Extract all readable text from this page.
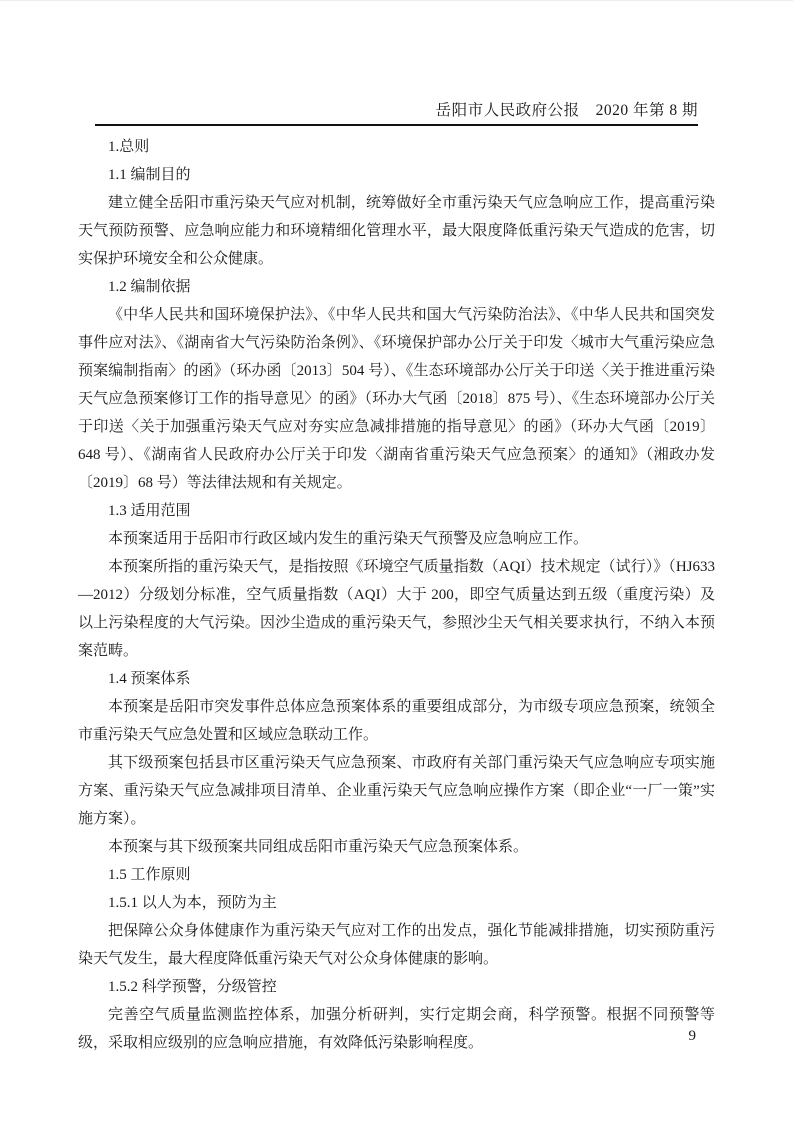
岳阳市人民政府公报　2020 年第 8 期

1.总则

1.1 编制目的

建立健全岳阳市重污染天气应对机制，统筹做好全市重污染天气应急响应工作，提高重污染天气预防预警、应急响应能力和环境精细化管理水平，最大限度降低重污染天气造成的危害，切实保护环境安全和公众健康。

1.2 编制依据

《中华人民共和国环境保护法》、《中华人民共和国大气污染防治法》、《中华人民共和国突发事件应对法》、《湖南省大气污染防治条例》、《环境保护部办公厅关于印发〈城市大气重污染应急预案编制指南〉的函》（环办函〔2013〕504 号）、《生态环境部办公厅关于印送〈关于推进重污染天气应急预案修订工作的指导意见〉的函》（环办大气函〔2018〕875 号）、《生态环境部办公厅关于印送〈关于加强重污染天气应对夯实应急减排措施的指导意见〉的函》（环办大气函〔2019〕648 号）、《湖南省人民政府办公厅关于印发〈湖南省重污染天气应急预案〉的通知》（湘政办发〔2019〕68 号）等法律法规和有关规定。

1.3 适用范围

本预案适用于岳阳市行政区域内发生的重污染天气预警及应急响应工作。

本预案所指的重污染天气，是指按照《环境空气质量指数（AQI）技术规定（试行）》（HJ633—2012）分级划分标准，空气质量指数（AQI）大于 200，即空气质量达到五级（重度污染）及以上污染程度的大气污染。因沙尘造成的重污染天气，参照沙尘天气相关要求执行，不纳入本预案范畴。

1.4 预案体系

本预案是岳阳市突发事件总体应急预案体系的重要组成部分，为市级专项应急预案，统领全市重污染天气应急处置和区域应急联动工作。

其下级预案包括县市区重污染天气应急预案、市政府有关部门重污染天气应急响应专项实施方案、重污染天气应急减排项目清单、企业重污染天气应急响应操作方案（即企业“一厂一策”实施方案）。

本预案与其下级预案共同组成岳阳市重污染天气应急预案体系。

1.5 工作原则

1.5.1 以人为本，预防为主

把保障公众身体健康作为重污染天气应对工作的出发点，强化节能减排措施，切实预防重污染天气发生，最大程度降低重污染天气对公众身体健康的影响。

1.5.2 科学预警，分级管控

完善空气质量监测监控体系，加强分析研判，实行定期会商，科学预警。根据不同预警等级，采取相应级别的应急响应措施，有效降低污染影响程度。	9
